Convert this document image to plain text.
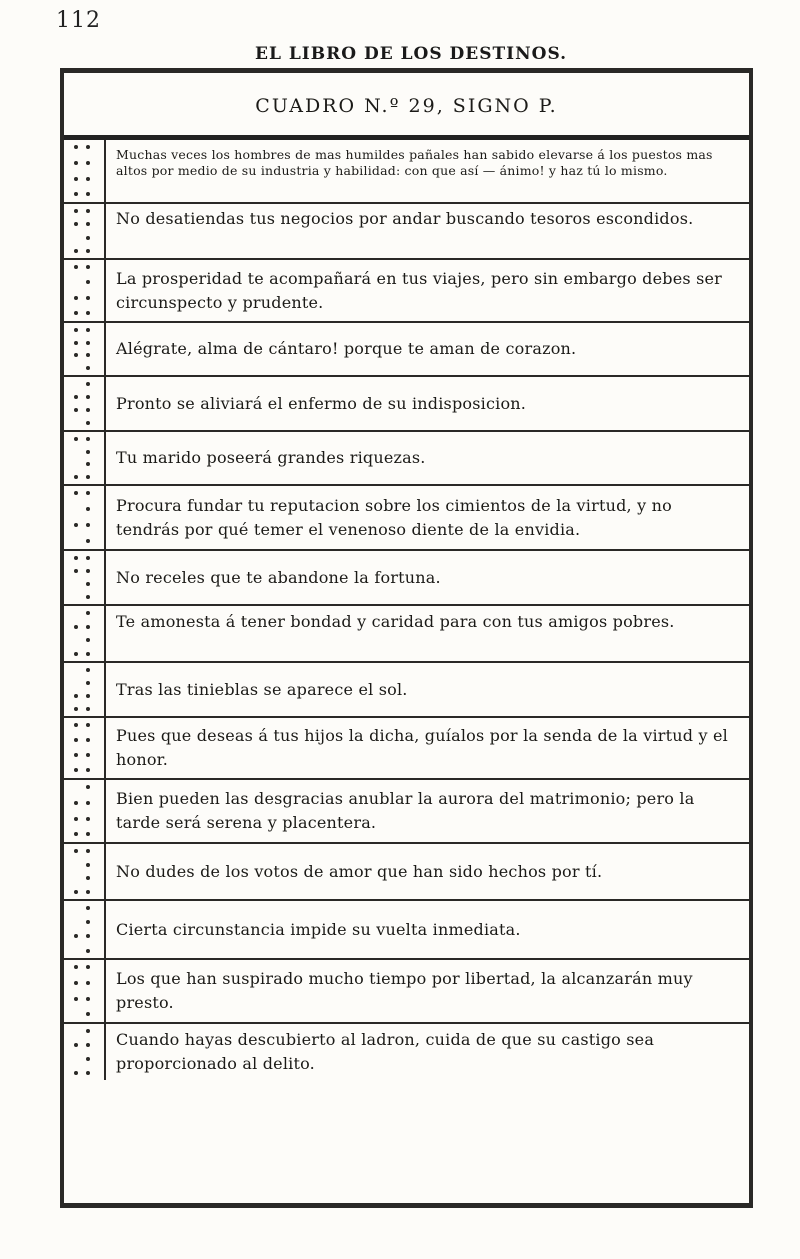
112
EL LIBRO DE LOS DESTINOS.
CUADRO N.º 29, SIGNO P.
Muchas veces los hombres de mas humildes pañales han sabido elevarse á los puestos mas altos por medio de su industria y habilidad: con que así — ánimo! y haz tú lo mismo.
No desatiendas tus negocios por andar buscando tesoros escondidos.
La prosperidad te acompañará en tus viajes, pero sin embargo debes ser circunspecto y prudente.
Alégrate, alma de cántaro! porque te aman de corazon.
Pronto se aliviará el enfermo de su indisposicion.
Tu marido poseerá grandes riquezas.
Procura fundar tu reputacion sobre los cimientos de la virtud, y no tendrás por qué temer el venenoso diente de la envidia.
No receles que te abandone la fortuna.
Te amonesta á tener bondad y caridad para con tus amigos pobres.
Tras las tinieblas se aparece el sol.
Pues que deseas á tus hijos la dicha, guíalos por la senda de la virtud y el honor.
Bien pueden las desgracias anublar la aurora del matrimonio; pero la tarde será serena y placentera.
No dudes de los votos de amor que han sido hechos por tí.
Cierta circunstancia impide su vuelta inmediata.
Los que han suspirado mucho tiempo por libertad, la alcanzarán muy presto.
Cuando hayas descubierto al ladron, cuida de que su castigo sea proporcionado al delito.
